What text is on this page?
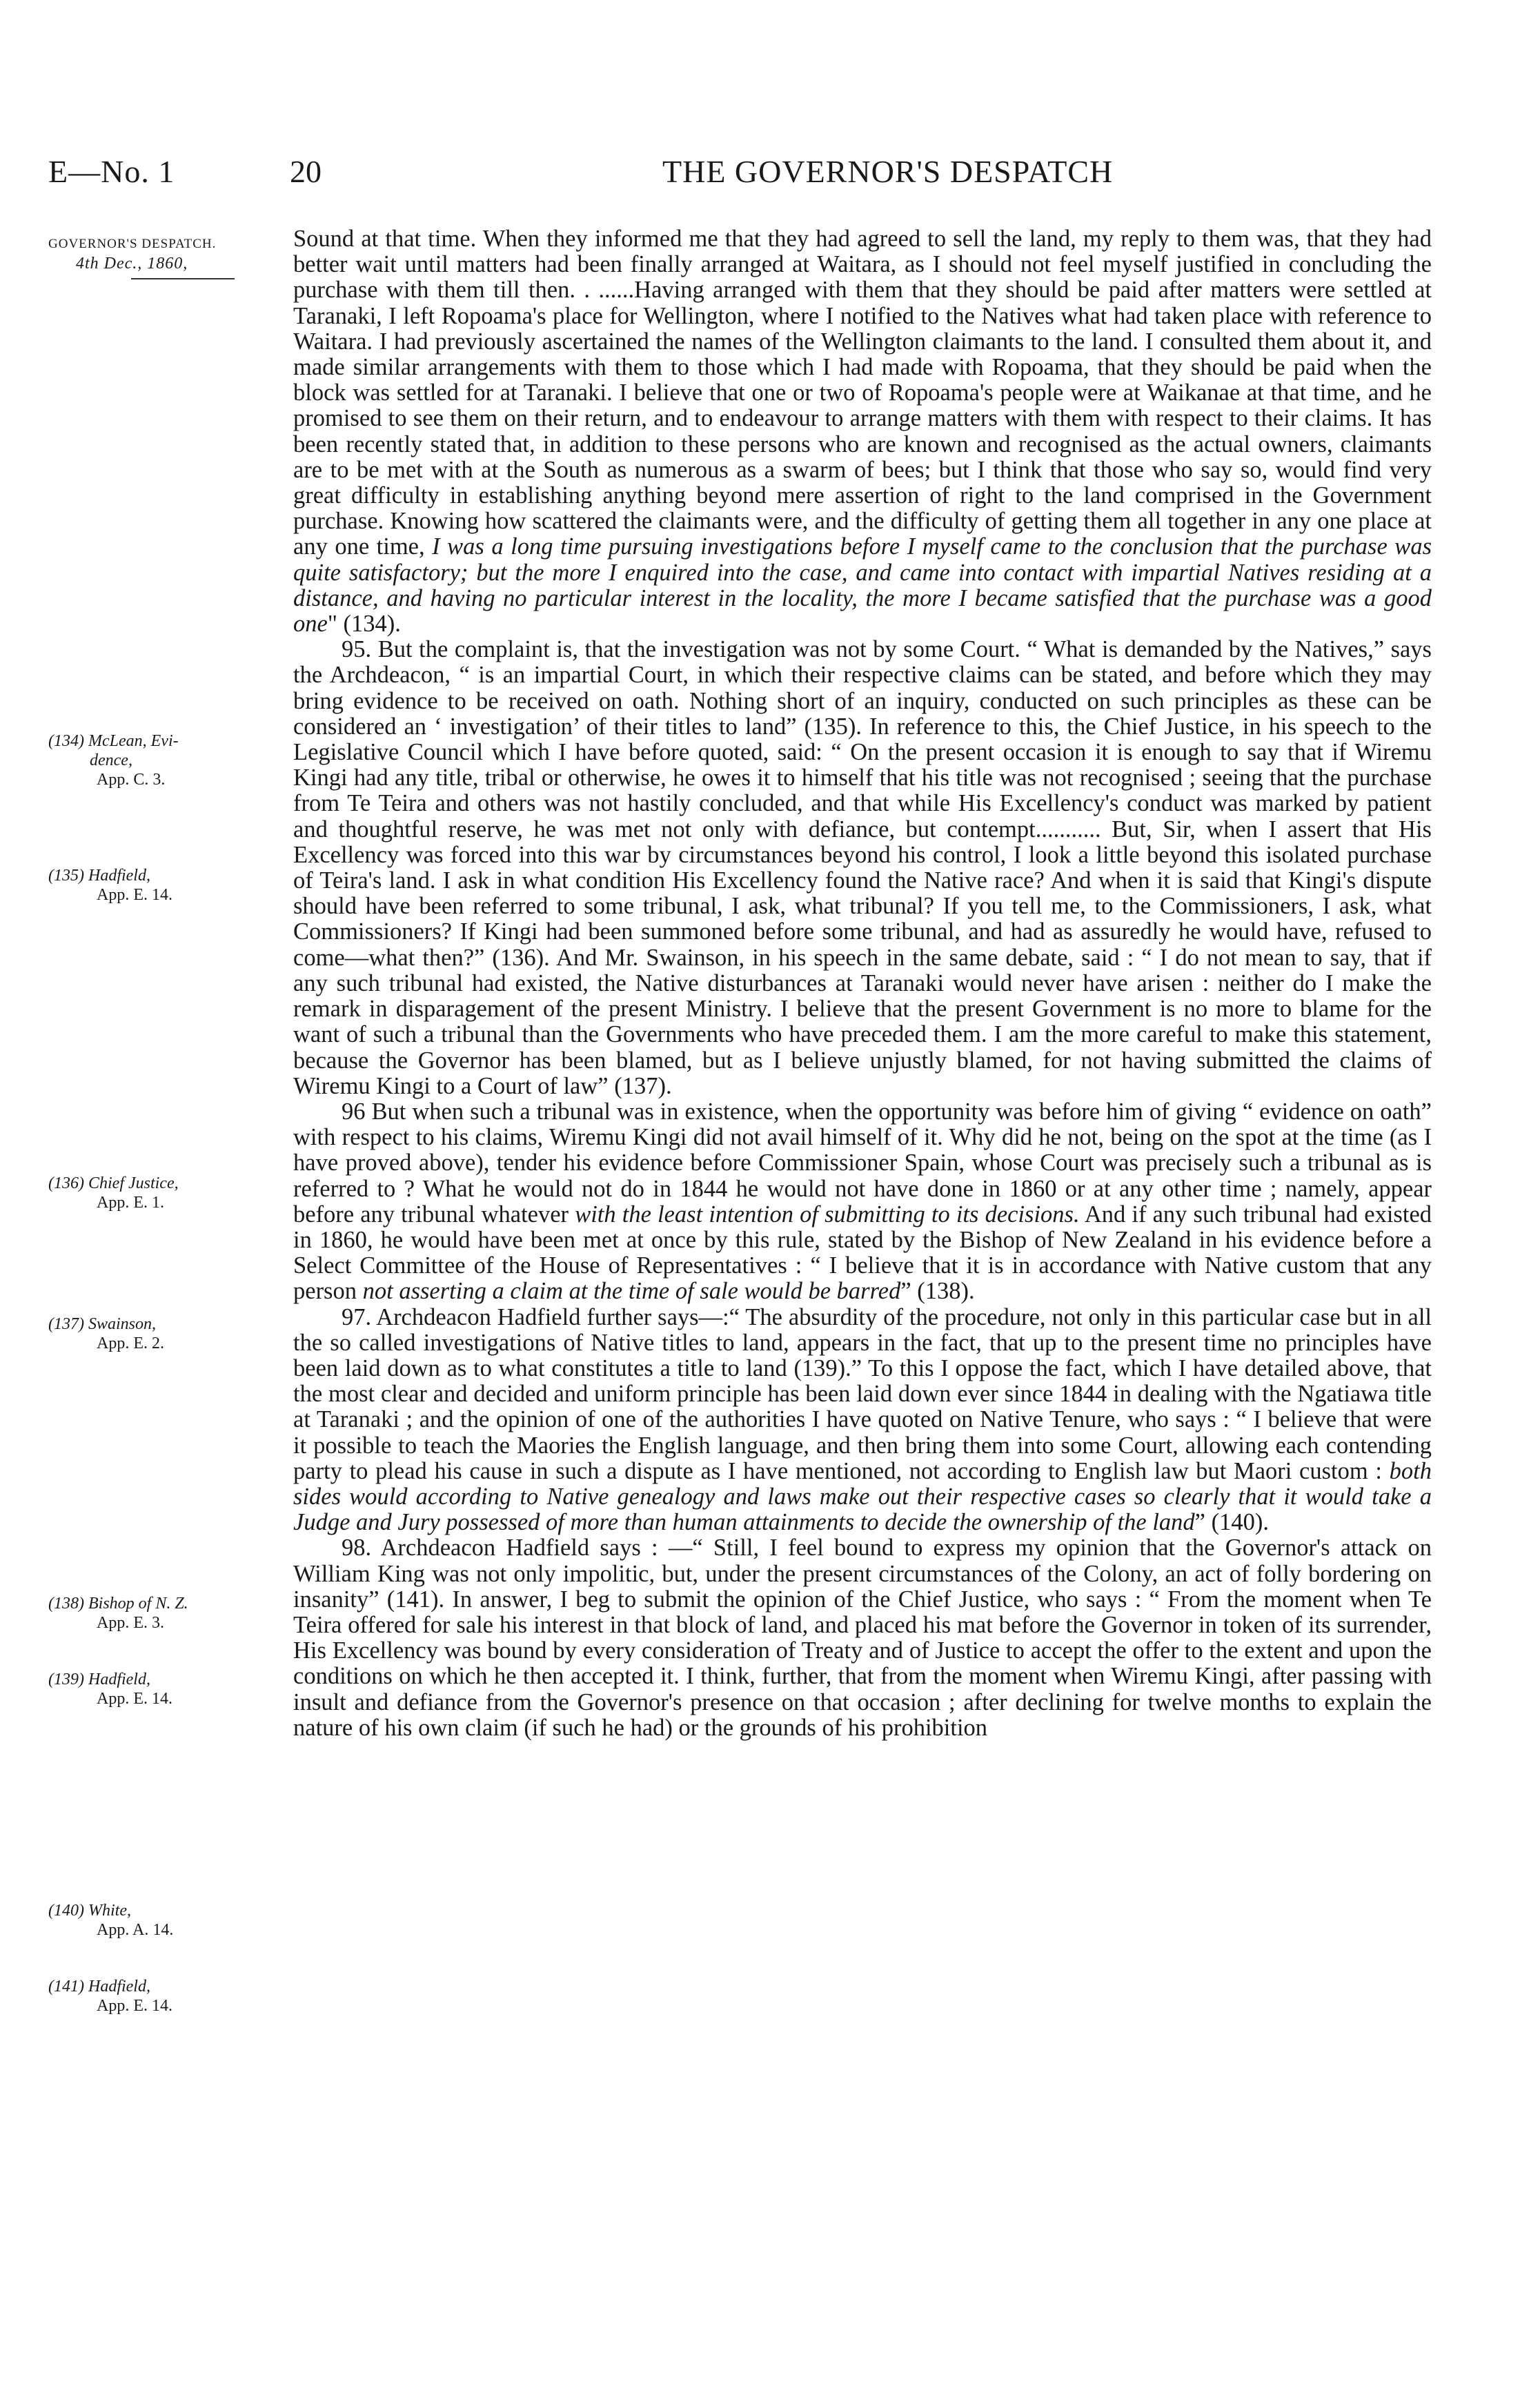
E—No. 1	20	THE GOVERNOR'S DESPATCH
GOVERNOR'S DESPATCH.
4th Dec., 1860,
(134) McLean, Evi-
dence,
App. C. 3.
(135) Hadfield,
App. E. 14.
(136) Chief Justice,
App. E. 1.
(137) Swainson,
App. E. 2.
(138) Bishop of N. Z.
App. E. 3.
(139) Hadfield,
App. E. 14.
(140) White,
App. A. 14.
(141) Hadfield,
App. E. 14.

Sound at that time. When they informed me that they had agreed to sell the land, my reply to them was, that they had better wait until matters had been finally arranged at Waitara, as I should not feel myself justified in concluding the purchase with them till then. . ......Having arranged with them that they should be paid after matters were settled at Taranaki, I left Ropoama's place for Wellington, where I notified to the Natives what had taken place with reference to Waitara. I had previously ascertained the names of the Wellington claimants to the land. I consulted them about it, and made similar arrangements with them to those which I had made with Ropoama, that they should be paid when the block was settled for at Taranaki. I believe that one or two of Ropoama's people were at Waikanae at that time, and he promised to see them on their return, and to endeavour to arrange matters with them with respect to their claims. It has been recently stated that, in addition to these persons who are known and recognised as the actual owners, claimants are to be met with at the South as numerous as a swarm of bees; but I think that those who say so, would find very great difficulty in establishing anything beyond mere assertion of right to the land comprised in the Government purchase. Knowing how scattered the claimants were, and the difficulty of getting them all together in any one place at any one time, I was a long time pursuing investigations before I myself came to the conclusion that the purchase was quite satisfactory; but the more I enquired into the case, and came into contact with impartial Natives residing at a distance, and having no particular interest in the locality, the more I became satisfied that the purchase was a good one" (134).

95. But the complaint is, that the investigation was not by some Court. “ What is demanded by the Natives,” says the Archdeacon, “ is an impartial Court, in which their respective claims can be stated, and before which they may bring evidence to be received on oath. Nothing short of an inquiry, conducted on such principles as these can be considered an ‘ investigation’ of their titles to land” (135). In reference to this, the Chief Justice, in his speech to the Legislative Council which I have before quoted, said: “ On the present occasion it is enough to say that if Wiremu Kingi had any title, tribal or otherwise, he owes it to himself that his title was not recognised ; seeing that the purchase from Te Teira and others was not hastily concluded, and that while His Excellency's conduct was marked by patient and thoughtful reserve, he was met not only with defiance, but contempt........... But, Sir, when I assert that His Excellency was forced into this war by circumstances beyond his control, I look a little beyond this isolated purchase of Teira's land. I ask in what condition His Excellency found the Native race? And when it is said that Kingi's dispute should have been referred to some tribunal, I ask, what tribunal? If you tell me, to the Commissioners, I ask, what Commissioners? If Kingi had been summoned before some tribunal, and had as assuredly he would have, refused to come—what then?” (136). And Mr. Swainson, in his speech in the same debate, said : “ I do not mean to say, that if any such tribunal had existed, the Native disturbances at Taranaki would never have arisen : neither do I make the remark in disparagement of the present Ministry. I believe that the present Government is no more to blame for the want of such a tribunal than the Governments who have preceded them. I am the more careful to make this statement, because the Governor has been blamed, but as I believe unjustly blamed, for not having submitted the claims of Wiremu Kingi to a Court of law” (137).

96 But when such a tribunal was in existence, when the opportunity was before him of giving “ evidence on oath” with respect to his claims, Wiremu Kingi did not avail himself of it. Why did he not, being on the spot at the time (as I have proved above), tender his evidence before Commissioner Spain, whose Court was precisely such a tribunal as is referred to ? What he would not do in 1844 he would not have done in 1860 or at any other time ; namely, appear before any tribunal whatever with the least intention of submitting to its decisions. And if any such tribunal had existed in 1860, he would have been met at once by this rule, stated by the Bishop of New Zealand in his evidence before a Select Committee of the House of Representatives : “ I believe that it is in accordance with Native custom that any person not asserting a claim at the time of sale would be barred” (138).

97. Archdeacon Hadfield further says—:“ The absurdity of the procedure, not only in this particular case but in all the so called investigations of Native titles to land, appears in the fact, that up to the present time no principles have been laid down as to what constitutes a title to land (139).” To this I oppose the fact, which I have detailed above, that the most clear and decided and uniform principle has been laid down ever since 1844 in dealing with the Ngatiawa title at Taranaki ; and the opinion of one of the authorities I have quoted on Native Tenure, who says : “ I believe that were it possible to teach the Maories the English language, and then bring them into some Court, allowing each contending party to plead his cause in such a dispute as I have mentioned, not according to English law but Maori custom : both sides would according to Native genealogy and laws make out their respective cases so clearly that it would take a Judge and Jury possessed of more than human attainments to decide the ownership of the land” (140).

98. Archdeacon Hadfield says : —“ Still, I feel bound to express my opinion that the Governor's attack on William King was not only impolitic, but, under the present circumstances of the Colony, an act of folly bordering on insanity” (141). In answer, I beg to submit the opinion of the Chief Justice, who says : “ From the moment when Te Teira offered for sale his interest in that block of land, and placed his mat before the Governor in token of its surrender, His Excellency was bound by every consideration of Treaty and of Justice to accept the offer to the extent and upon the conditions on which he then accepted it. I think, further, that from the moment when Wiremu Kingi, after passing with insult and defiance from the Governor's presence on that occasion ; after declining for twelve months to explain the nature of his own claim (if such he had) or the grounds of his prohibition
